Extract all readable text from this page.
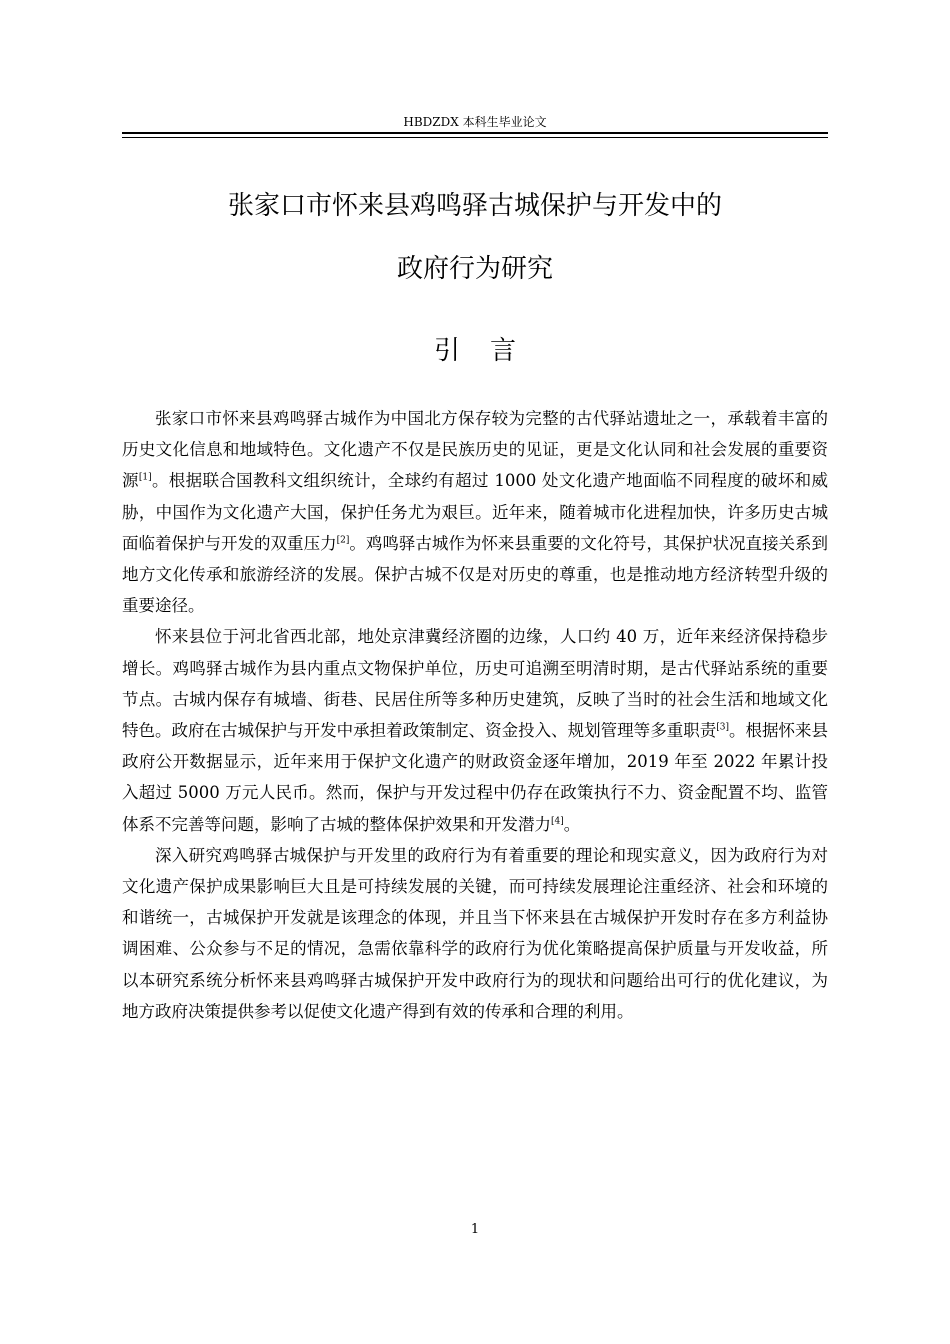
HBDZDX 本科生毕业论文
张家口市怀来县鸡鸣驿古城保护与开发中的
政府行为研究
引言

张家口市怀来县鸡鸣驿古城作为中国北方保存较为完整的古代驿站遗址之一，承载着丰富的历史文化信息和地域特色。文化遗产不仅是民族历史的见证，更是文化认同和社会发展的重要资源[1]。根据联合国教科文组织统计，全球约有超过 1000 处文化遗产地面临不同程度的破坏和威胁，中国作为文化遗产大国，保护任务尤为艰巨。近年来，随着城市化进程加快，许多历史古城面临着保护与开发的双重压力[2]。鸡鸣驿古城作为怀来县重要的文化符号，其保护状况直接关系到地方文化传承和旅游经济的发展。保护古城不仅是对历史的尊重，也是推动地方经济转型升级的重要途径。

怀来县位于河北省西北部，地处京津冀经济圈的边缘，人口约 40 万，近年来经济保持稳步增长。鸡鸣驿古城作为县内重点文物保护单位，历史可追溯至明清时期，是古代驿站系统的重要节点。古城内保存有城墙、街巷、民居住所等多种历史建筑，反映了当时的社会生活和地域文化特色。政府在古城保护与开发中承担着政策制定、资金投入、规划管理等多重职责[3]。根据怀来县政府公开数据显示，近年来用于保护文化遗产的财政资金逐年增加，2019 年至 2022 年累计投入超过 5000 万元人民币。然而，保护与开发过程中仍存在政策执行不力、资金配置不均、监管体系不完善等问题，影响了古城的整体保护效果和开发潜力[4]。

深入研究鸡鸣驿古城保护与开发里的政府行为有着重要的理论和现实意义，因为政府行为对文化遗产保护成果影响巨大且是可持续发展的关键，而可持续发展理论注重经济、社会和环境的和谐统一，古城保护开发就是该理念的体现，并且当下怀来县在古城保护开发时存在多方利益协调困难、公众参与不足的情况，急需依靠科学的政府行为优化策略提高保护质量与开发收益，所以本研究系统分析怀来县鸡鸣驿古城保护开发中政府行为的现状和问题给出可行的优化建议，为地方政府决策提供参考以促使文化遗产得到有效的传承和合理的利用。

1
